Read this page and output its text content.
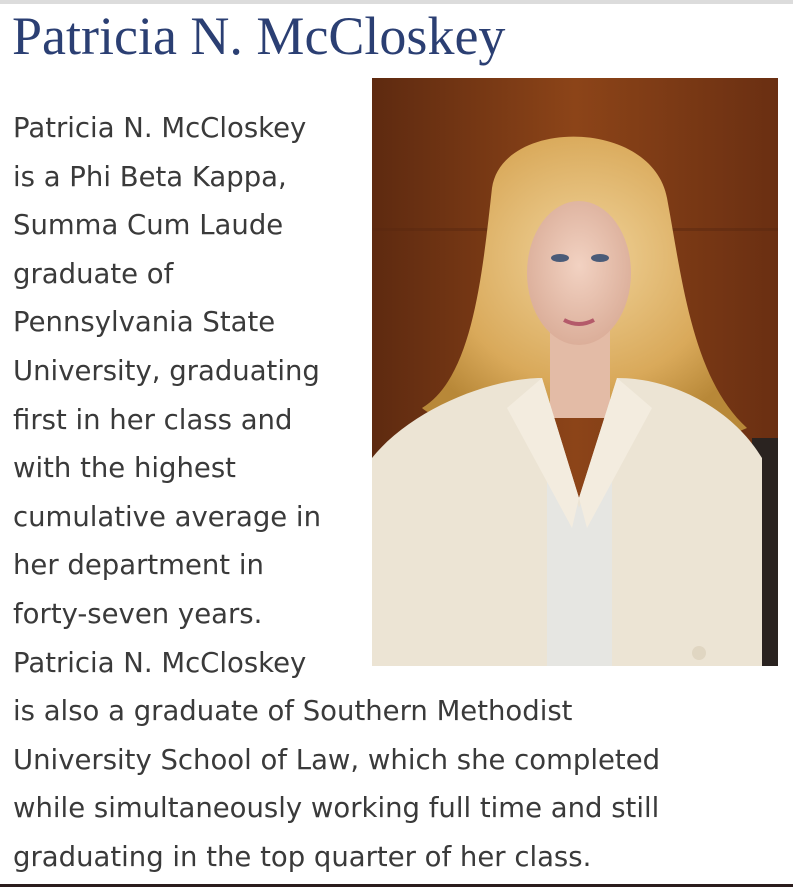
Patricia N. McCloskey
Patricia N. McCloskey
is a Phi Beta Kappa,
Summa Cum Laude
graduate of
Pennsylvania State
University, graduating
first in her class and
with the highest
cumulative average in
her department in
forty-seven years.
Patricia N. McCloskey
is also a graduate of Southern Methodist
University School of Law, which she completed
while simultaneously working full time and still
graduating in the top quarter of her class.
